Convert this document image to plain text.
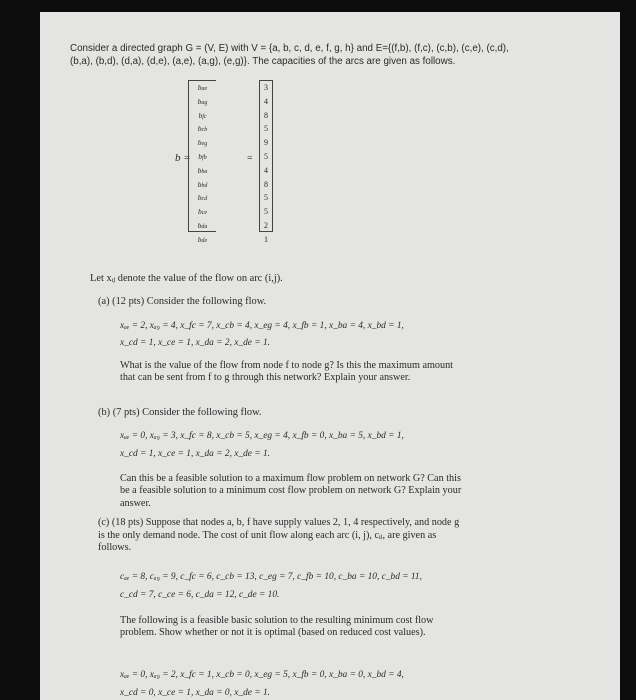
Consider a directed graph G = (V, E) with V = {a, b, c, d, e, f, g, h} and E={(f,b), (f,c), (c,b), (c,e), (c,d),

(b,a), (b,d), (d,a), (d,e), (a,e), (a,g), (e,g)}. The capacities of the arcs are given as follows.

b =
bae
bag
bfc
bcb
beg
bfb
bba
bbd
bcd
bce
bda
bde
=
3
4
8
5
9
5
4
8
5
5
2
1
Let xᵢⱼ denote the value of the flow on arc (i,j).
(a) (12 pts) Consider the following flow.
xₐₑ = 2, xₐ₉ = 4, x_fc = 7, x_cb = 4, x_eg = 4, x_fb = 1, x_ba = 4, x_bd = 1,
x_cd = 1, x_ce = 1, x_da = 2, x_de = 1.
What is the value of the flow from node f to node g? Is this the maximum amount that can be sent from f to g through this network? Explain your answer.
(b) (7 pts) Consider the following flow.
xₐₑ = 0, xₐ₉ = 3, x_fc = 8, x_cb = 5, x_eg = 4, x_fb = 0, x_ba = 5, x_bd = 1,
x_cd = 1, x_ce = 1, x_da = 2, x_de = 1.
Can this be a feasible solution to a maximum flow problem on network G? Can this be a feasible solution to a minimum cost flow problem on network G? Explain your answer.
(c) (18 pts) Suppose that nodes a, b, f have supply values 2, 1, 4 respectively, and node g is the only demand node. The cost of unit flow along each arc (i, j), cᵢⱼ, are given as follows.
cₐₑ = 8, cₐ₉ = 9, c_fc = 6, c_cb = 13, c_eg = 7, c_fb = 10, c_ba = 10, c_bd = 11,
c_cd = 7, c_ce = 6, c_da = 12, c_de = 10.
The following is a feasible basic solution to the resulting minimum cost flow problem. Show whether or not it is optimal (based on reduced cost values).
xₐₑ = 0, xₐ₉ = 2, x_fc = 1, x_cb = 0, x_eg = 5, x_fb = 0, x_ba = 0, x_bd = 4,
x_cd = 0, x_ce = 1, x_da = 0, x_de = 1.
